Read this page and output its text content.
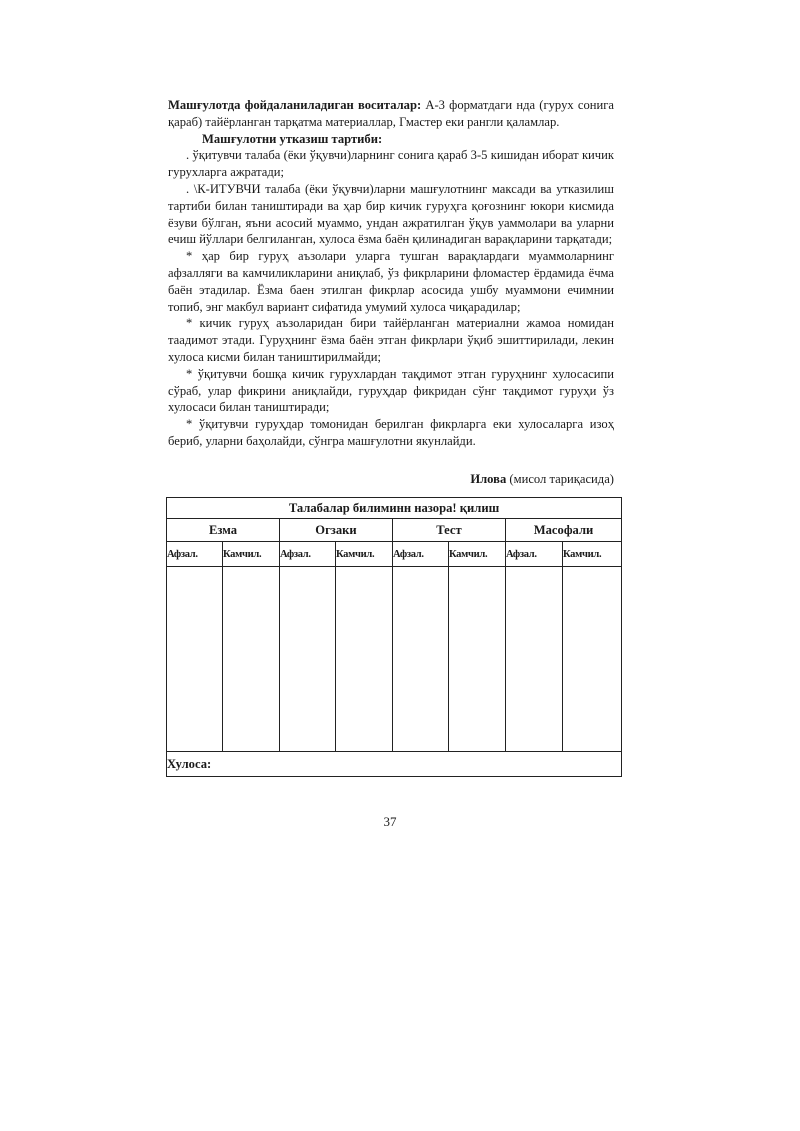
Машғулотда фойдаланиладиган воситалар: А-3 форматдаги нда (гурух сонига қараб) тайёрланган тарқатма материаллар, Гмастер еки рангли қаламлар.

Машғулотни утказиш тартиби:

. ўқитувчи талаба (ёки ўқувчи)ларнинг сонига қараб 3-5 кишидан иборат кичик гурухларга ажратади;

. \К-ИТУВЧИ талаба (ёки ўқувчи)ларни машғулотнинг максади ва утказилиш тартиби билан таништиради ва ҳар бир кичик гуруҳга қоғознинг юкори кисмида ёзуви бўлган, яъни асосий муаммо, ундан ажратилган ўқув уаммолари ва уларни ечиш йўллари белгиланган, хулоса ёзма баён қилинадиган варақларини тарқатади;

* ҳар бир гуруҳ аъзолари уларга тушган варақлардаги муаммоларнинг афзалляги ва камчиликларини аниқлаб, ўз фикрларини фломастер ёрдамида ёчма баён этадилар. Ёзма баен этилган фикрлар асосида ушбу муаммони ечимнии топиб, энг макбул вариант сифатида умумий хулоса чиқарадилар;

* кичик гуруҳ аъзоларидан бири тайёрланган материални жамоа номидан таадимот этади. Гуруҳнинг ёзма баён этган фикрлари ўқиб эшиттирилади, лекин хулоса кисми билан таништирилмайди;

* ўқитувчи бошқа кичик гурухлардан тақдимот этган гуруҳнинг хулосасипи сўраб, улар фикрини аниқлайди, гуруҳдар фикридан сўнг тақдимот гуруҳи ўз хулосаси билан таништиради;

* ўқитувчи гуруҳдар томонидан берилган фикрларга еки хулосаларга изоҳ бериб, уларни баҳолайди, сўнгра машғулотни якунлайди.

Илова (мисол тариқасида)
Талабалар билиминн назора! қилиш							
Езма		Огзаки		Тест		Масофали	
Афзал.	Камчил.	Афзал.	Камчил.	Афзал.	Камчил.	Афзал.	Камчил.

Хулоса:							
37
